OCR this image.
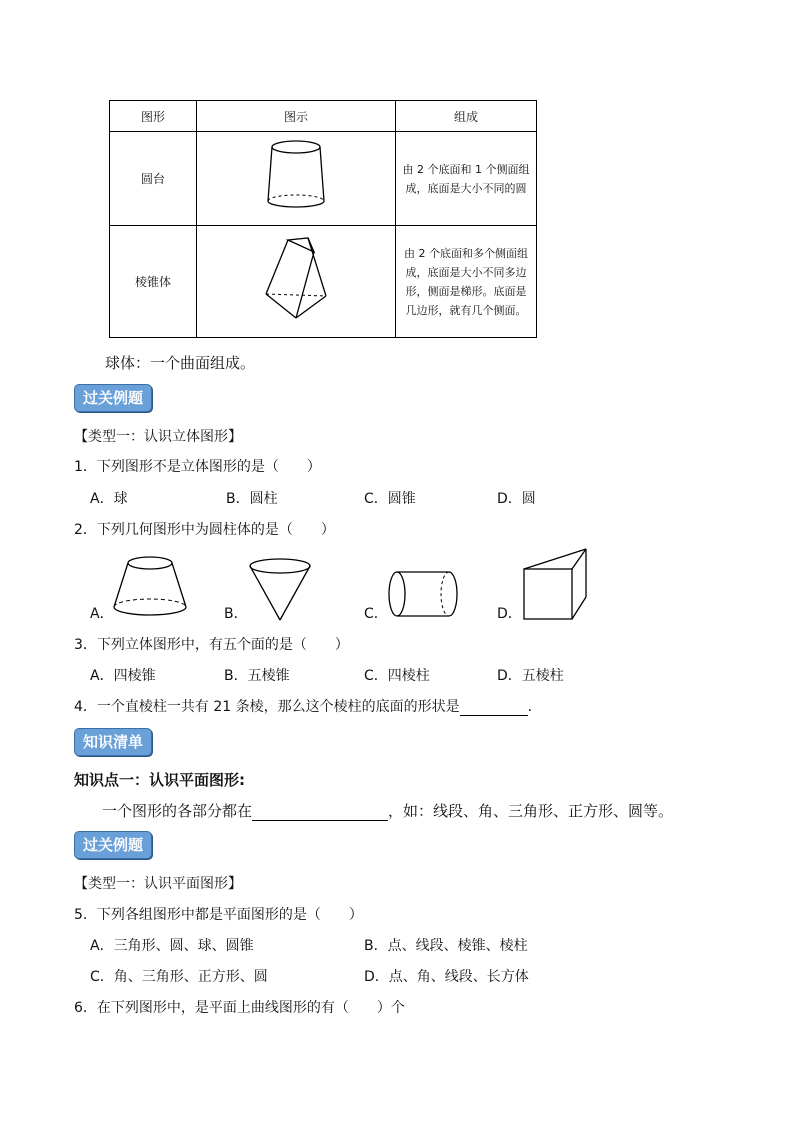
图形	图示	组成
圆台		由 2 个底面和 1 个侧面组成，底面是大小不同的圆
棱锥体		由 2 个底面和多个侧面组成，底面是大小不同多边形，侧面是梯形。底面是几边形，就有几个侧面。
球体：一个曲面组成。
过关例题
【类型一：认识立体图形】
1．下列图形不是立体图形的是（　　）
A．球	B．圆柱	C．圆锥	D．圆
2．下列几何图形中为圆柱体的是（　　）
A．	B．	C．	D．
3．下列立体图形中，有五个面的是（　　）
A．四棱锥	B．五棱锥	C．四棱柱	D．五棱柱
4．一个直棱柱一共有 21 条棱，那么这个棱柱的底面的形状是	．
知识清单
知识点一：认识平面图形:
一个图形的各部分都在	，如：线段、角、三角形、正方形、圆等。
过关例题
【类型一：认识平面图形】
5．下列各组图形中都是平面图形的是（　　）
A．三角形、圆、球、圆锥	B．点、线段、棱锥、棱柱
C．角、三角形、正方形、圆	D．点、角、线段、长方体
6．在下列图形中，是平面上曲线图形的有（　　）个
